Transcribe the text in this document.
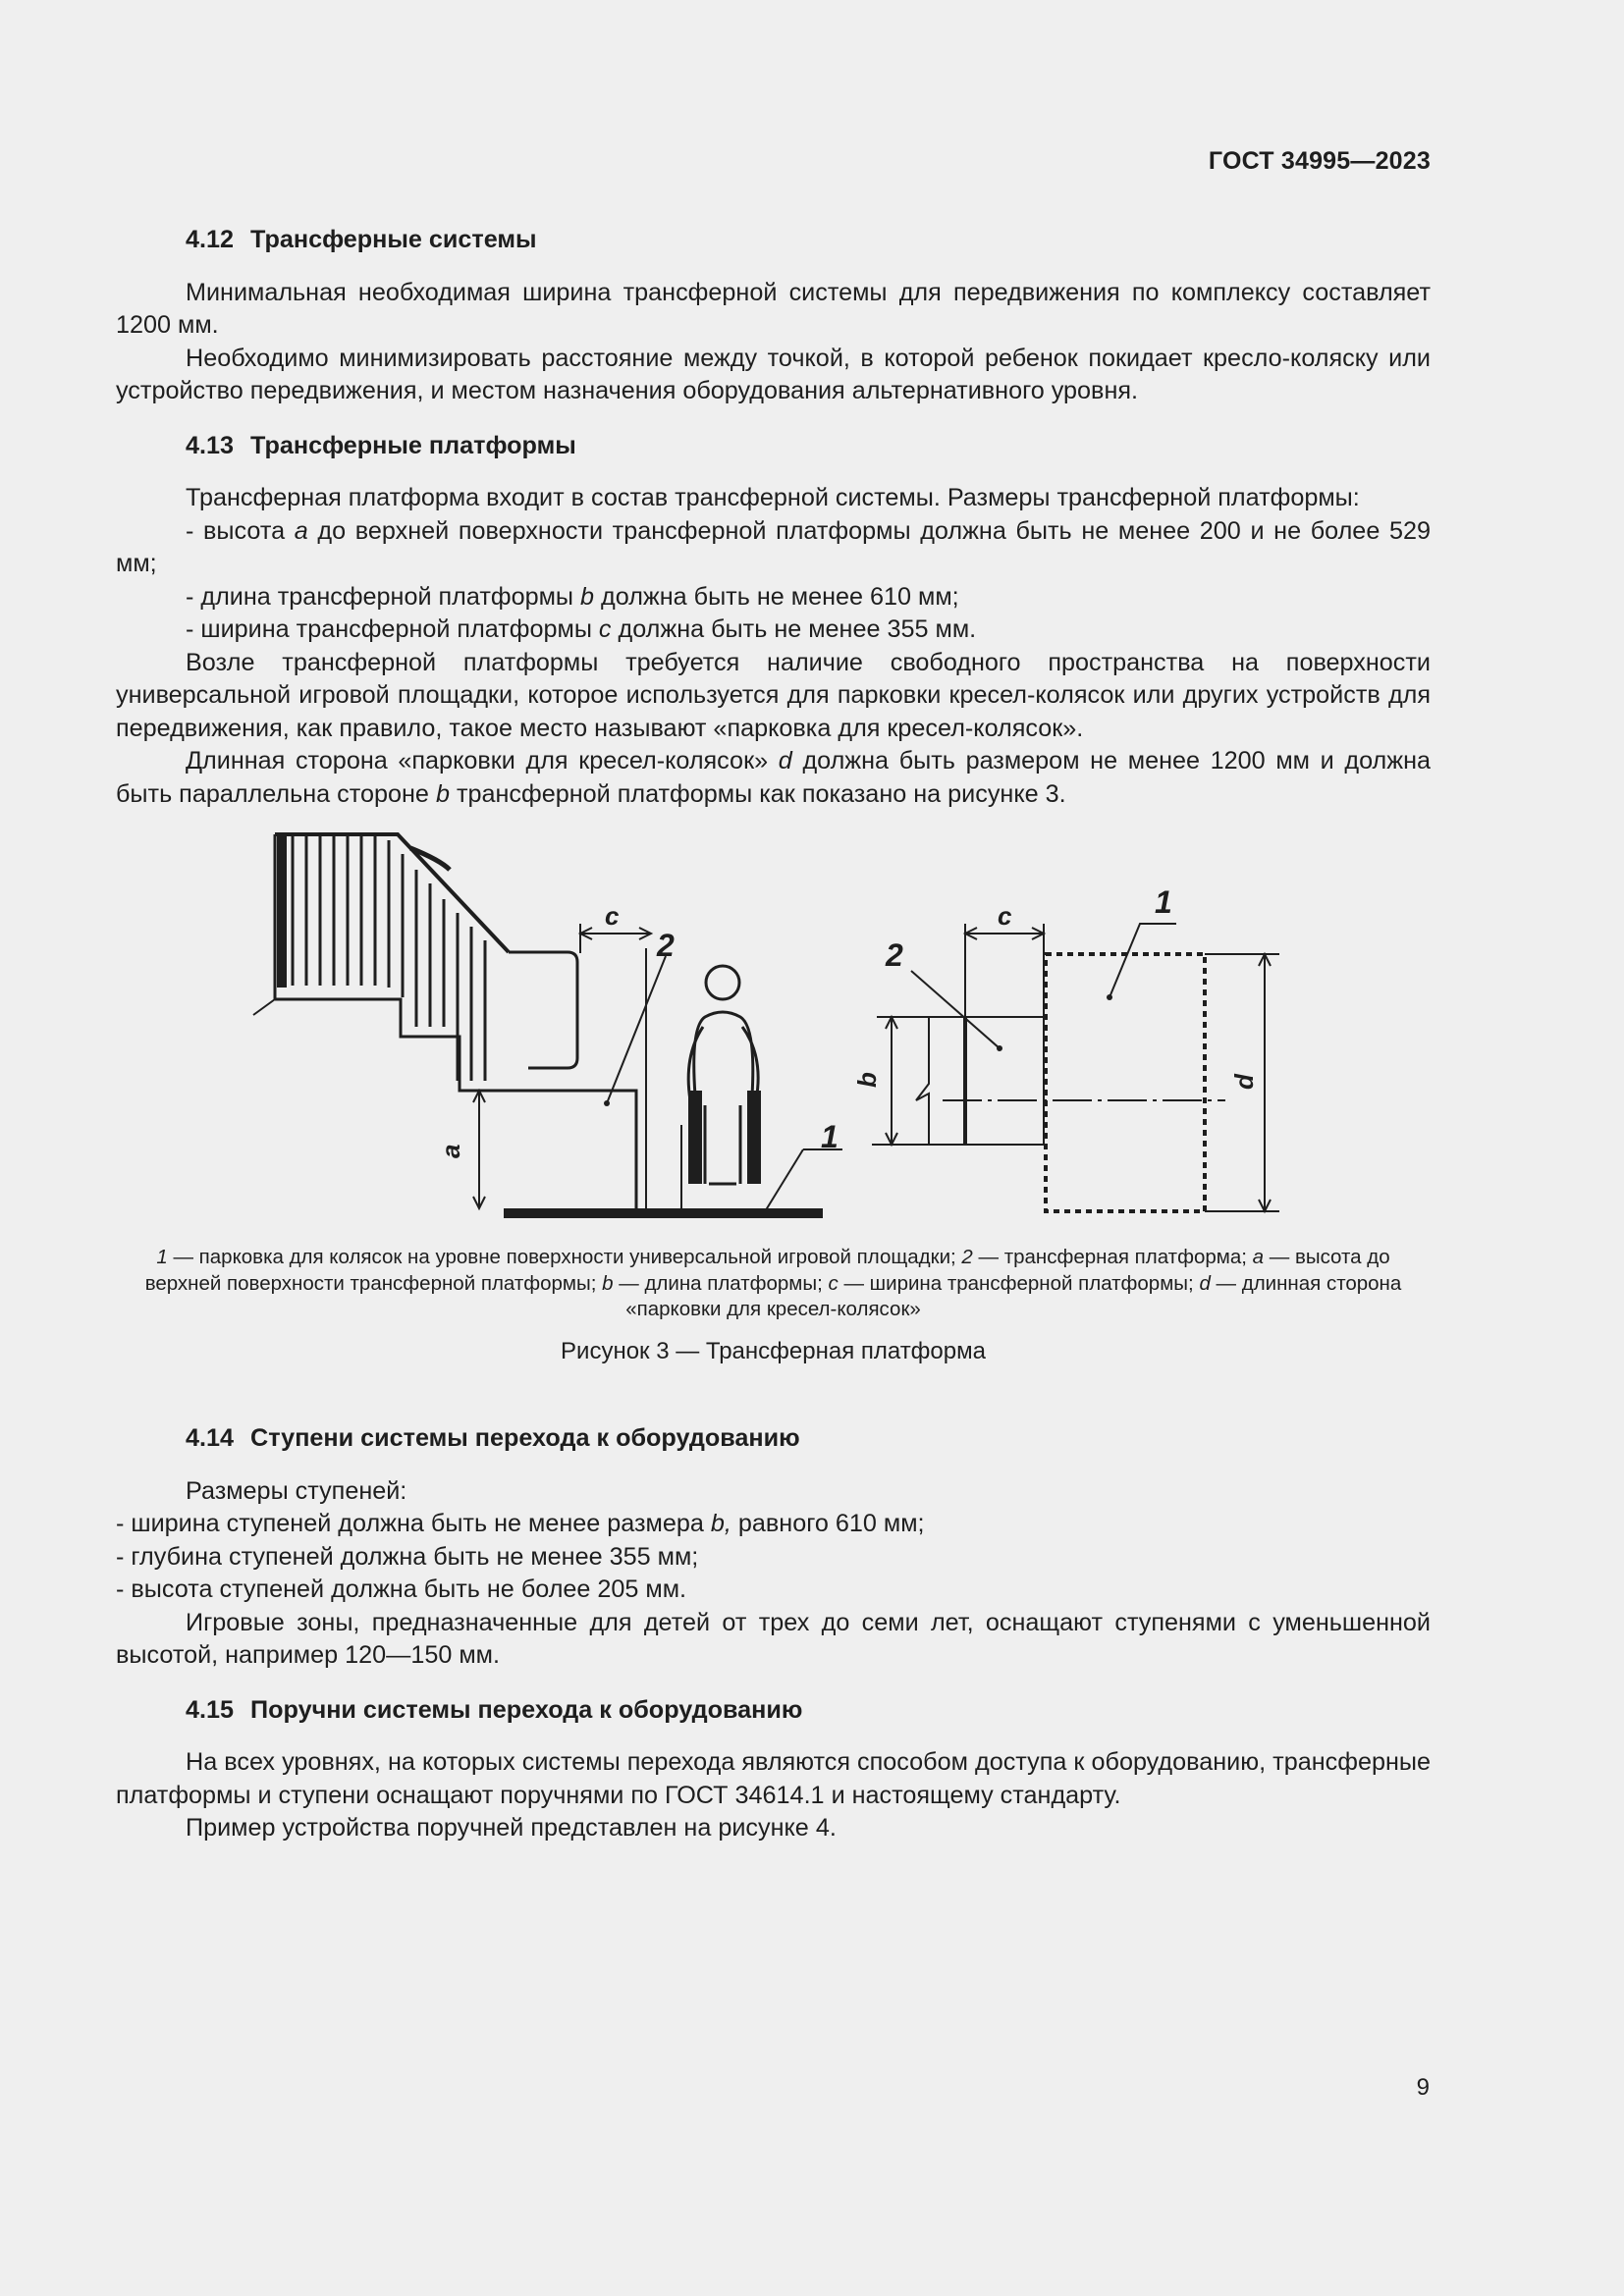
ГОСТ 34995—2023
4.12 Трансферные системы

Минимальная необходимая ширина трансферной системы для передвижения по комплексу составляет 1200 мм.

Необходимо минимизировать расстояние между точкой, в которой ребенок покидает кресло-коляску или устройство передвижения, и местом назначения оборудования альтернативного уровня.

4.13 Трансферные платформы

Трансферная платформа входит в состав трансферной системы. Размеры трансферной платформы:

- высота a до верхней поверхности трансферной платформы должна быть не менее 200 и не более 529 мм;

- длина трансферной платформы b должна быть не менее 610 мм;

- ширина трансферной платформы c должна быть не менее 355 мм.

Возле трансферной платформы требуется наличие свободного пространства на поверхности универсальной игровой площадки, которое используется для парковки кресел-колясок или других устройств для передвижения, как правило, такое место называют «парковка для кресел-колясок».

Длинная сторона «парковки для кресел-колясок» d должна быть размером не менее 1200 мм и должна быть параллельна стороне b трансферной платформы как показано на рисунке 3.

c
2
a	1
c
2
b
1
d
1 — парковка для колясок на уровне поверхности универсальной игровой площадки; 2 — трансферная платформа; a — высота до верхней поверхности трансферной платформы; b — длина платформы; c — ширина трансферной платформы; d — длинная сторона «парковки для кресел-колясок»
Рисунок 3 — Трансферная платформа
4.14 Ступени системы перехода к оборудованию

Размеры ступеней:

- ширина ступеней должна быть не менее размера b, равного 610 мм;

- глубина ступеней должна быть не менее 355 мм;

- высота ступеней должна быть не более 205 мм.

Игровые зоны, предназначенные для детей от трех до семи лет, оснащают ступенями с уменьшенной высотой, например 120—150 мм.

4.15 Поручни системы перехода к оборудованию

На всех уровнях, на которых системы перехода являются способом доступа к оборудованию, трансферные платформы и ступени оснащают поручнями по ГОСТ 34614.1 и настоящему стандарту.

Пример устройства поручней представлен на рисунке 4.

9
